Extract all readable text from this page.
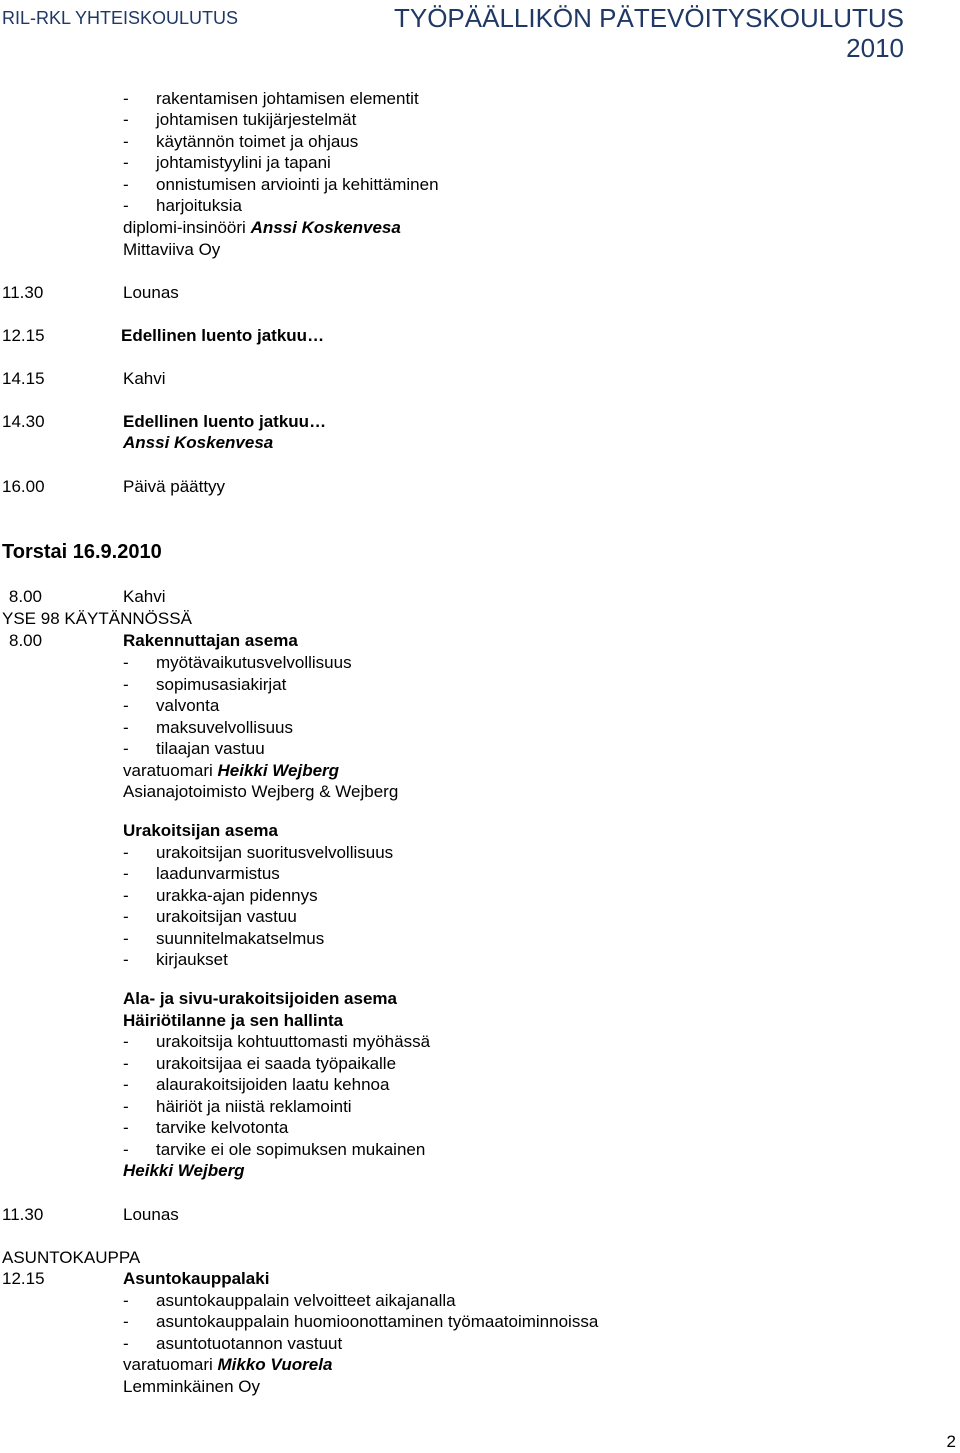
RIL-RKL YHTEISKOULUTUS	TYÖPÄÄLLIKÖN PÄTEVÖITYSKOULUTUS
2010
- rakentamisen johtamisen elementit
- johtamisen tukijärjestelmät
- käytännön toimet ja ohjaus
- johtamistyylini ja tapani
- onnistumisen arviointi ja kehittäminen
- harjoituksia
diplomi-insinööri Anssi Koskenvesa
Mittaviiva Oy
11.30	Lounas
12.15	Edellinen luento jatkuu…
14.15	Kahvi
14.30	Edellinen luento jatkuu…
Anssi Koskenvesa
16.00	Päivä päättyy
Torstai 16.9.2010
8.00	Kahvi
YSE 98 KÄYTÄNNÖSSÄ
8.00	Rakennuttajan asema
- myötävaikutusvelvollisuus
- sopimusasiakirjat
- valvonta
- maksuvelvollisuus
- tilaajan vastuu
varatuomari Heikki Wejberg
Asianajotoimisto Wejberg & Wejberg
Urakoitsijan asema
- urakoitsijan suoritusvelvollisuus
- laadunvarmistus
- urakka-ajan pidennys
- urakoitsijan vastuu
- suunnitelmakatselmus
- kirjaukset
Ala- ja sivu-urakoitsijoiden asema
Häiriötilanne ja sen hallinta
- urakoitsija kohtuuttomasti myöhässä
- urakoitsijaa ei saada työpaikalle
- alaurakoitsijoiden laatu kehnoa
- häiriöt ja niistä reklamointi
- tarvike kelvotonta
- tarvike ei ole sopimuksen mukainen
Heikki Wejberg
11.30	Lounas
ASUNTOKAUPPA
12.15	Asuntokauppalaki
- asuntokauppalain velvoitteet aikajanalla
- asuntokauppalain huomioonottaminen työmaatoiminnoissa
- asuntotuotannon vastuut
varatuomari Mikko Vuorela
Lemminkäinen Oy
2
